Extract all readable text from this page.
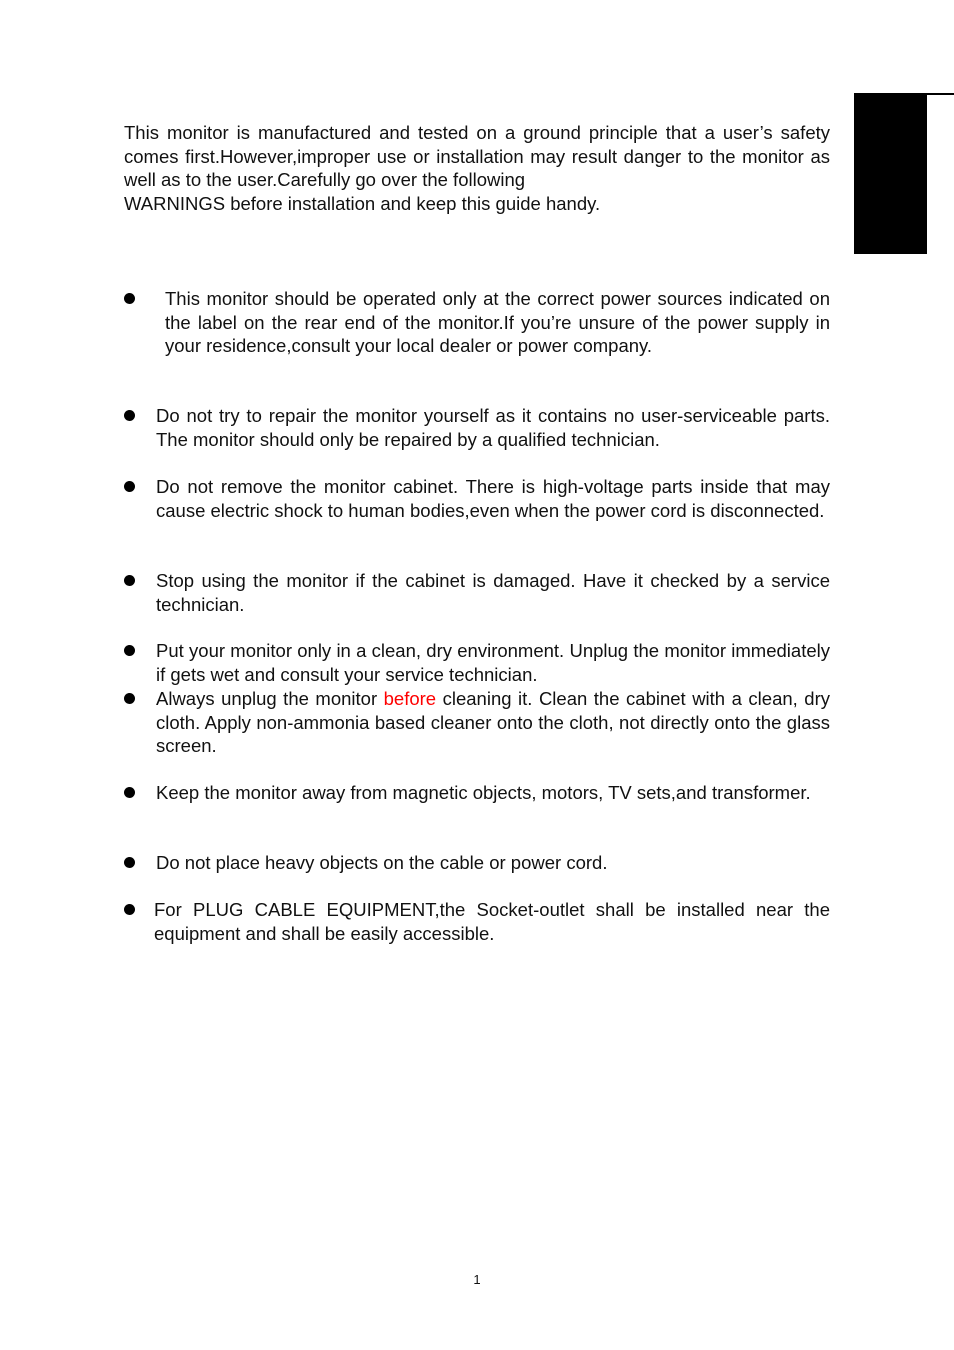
This monitor is manufactured and tested on a ground principle that a user’s safety comes first.However,improper use or installation may result danger to the monitor as well as to the user.Carefully go over the following
WARNINGS before installation and keep this guide handy.

This monitor should be operated only at the correct power sources indicated on the label on the rear end of the monitor.If you’re unsure of the power supply in your residence,consult your local dealer or power company.
Do not try to repair the monitor yourself as it contains no user-serviceable parts. The monitor should only be repaired by a qualified technician.
Do not remove the monitor cabinet. There is high-voltage parts inside that may cause electric shock to human bodies,even when the power cord is disconnected.
Stop using the monitor if the cabinet is damaged. Have it checked by a service technician.
Put your monitor only in a clean, dry environment. Unplug the monitor immediately if gets wet and consult your service technician.
Always unplug the monitor before cleaning it. Clean the cabinet with a clean, dry cloth. Apply non-ammonia based cleaner onto the cloth, not directly onto the glass screen.
Keep the monitor away from magnetic objects, motors, TV sets,and transformer.
Do not place heavy objects on the cable or power cord.
For PLUG CABLE EQUIPMENT,the Socket-outlet shall be installed near the equipment and shall be easily accessible.
1
